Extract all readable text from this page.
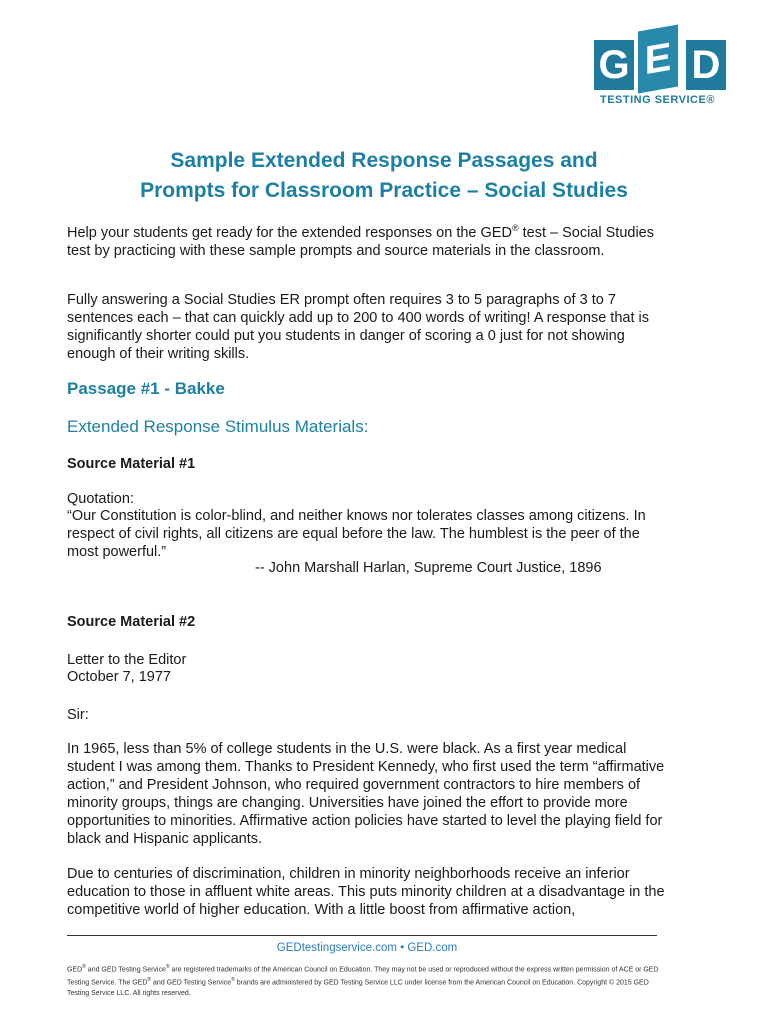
G E D
TESTING SERVICE®
Sample Extended Response Passages and
Prompts for Classroom Practice – Social Studies
Help your students get ready for the extended responses on the GED® test – Social Studies test by practicing with these sample prompts and source materials in the classroom.
Fully answering a Social Studies ER prompt often requires 3 to 5 paragraphs of 3 to 7 sentences each – that can quickly add up to 200 to 400 words of writing! A response that is significantly shorter could put you students in danger of scoring a 0 just for not showing enough of their writing skills.
Passage #1 - Bakke
Extended Response Stimulus Materials:
Source Material #1
Quotation:
“Our Constitution is color-blind, and neither knows nor tolerates classes among citizens. In respect of civil rights, all citizens are equal before the law. The humblest is the peer of the most powerful.”
-- John Marshall Harlan, Supreme Court Justice, 1896
Source Material #2
Letter to the Editor
October 7, 1977
Sir:
In 1965, less than 5% of college students in the U.S. were black. As a first year medical student I was among them. Thanks to President Kennedy, who first used the term “affirmative action,” and President Johnson, who required government contractors to hire members of minority groups, things are changing. Universities have joined the effort to provide more opportunities to minorities. Affirmative action policies have started to level the playing field for black and Hispanic applicants.
Due to centuries of discrimination, children in minority neighborhoods receive an inferior education to those in affluent white areas. This puts minority children at a disadvantage in the competitive world of higher education. With a little boost from affirmative action,
GEDtestingservice.com • GED.com
GED® and GED Testing Service® are registered trademarks of the American Council on Education. They may not be used or reproduced without the express written permission of ACE or GED Testing Service. The GED® and GED Testing Service® brands are administered by GED Testing Service LLC under license from the American Council on Education. Copyright © 2015 GED Testing Service LLC. All rights reserved.
